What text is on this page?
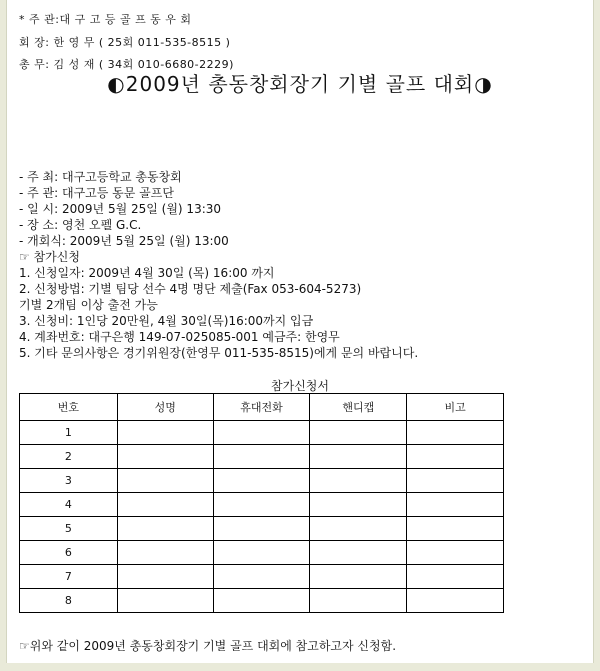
* 주 관:대 구 고 등 골 프 동 우 회
회 장: 한 영 무 ( 25회 011-535-8515 )
총 무: 김 성 재 ( 34회 010-6680-2229)
◐2009년 총동창회장기 기별 골프 대회◑
- 주 최: 대구고등학교 총동창회
- 주 관: 대구고등 동문 골프단
- 일 시: 2009년 5월 25일 (월) 13:30
- 장 소: 영천 오펠 G.C.
- 개회식: 2009년 5월 25일 (월) 13:00
☞ 참가신청
1. 신청일자: 2009년 4월 30일 (목) 16:00 까지
2. 신청방법: 기별 팀당 선수 4명 명단 제출(Fax 053-604-5273)
기별 2개팀 이상 출전 가능
3. 신청비: 1인당 20만원, 4월 30일(목)16:00까지 입금
4. 계좌번호: 대구은행 149-07-025085-001 예금주: 한영무
5. 기타 문의사항은 경기위원장(한영무 011-535-8515)에게 문의 바랍니다.
참가신청서
번호	성명	휴대전화	핸디캡	비고
1				
2				
3				
4				
5				
6				
7				
8				
☞위와 같이 2009년 총동창회장기 기별 골프 대회에 참고하고자 신청함.
